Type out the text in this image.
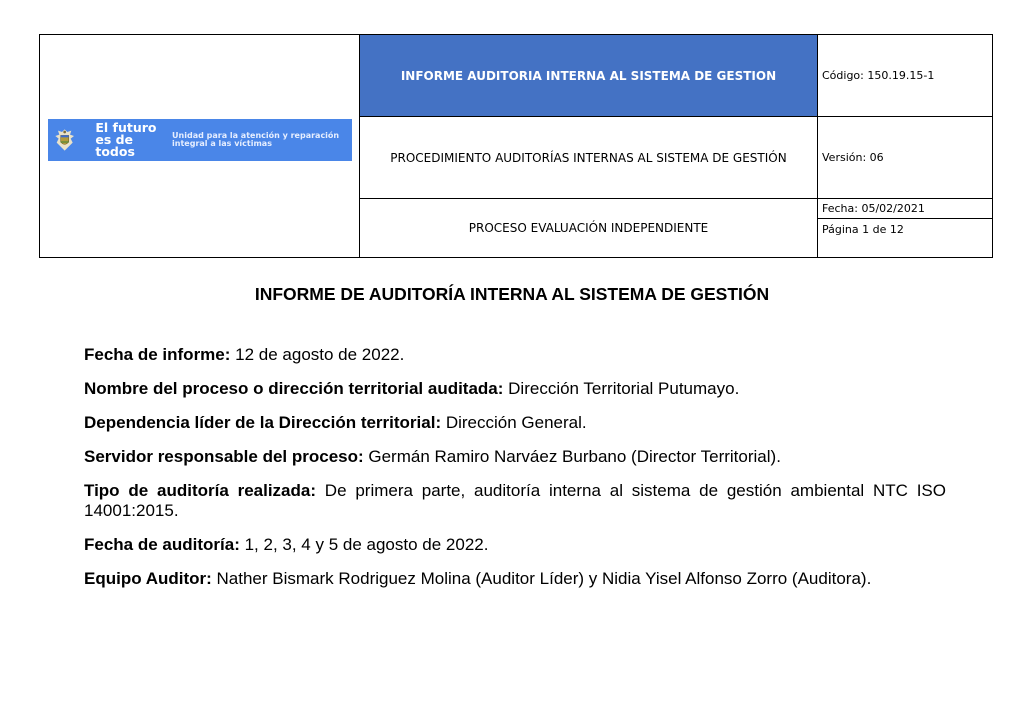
El futuro es de todos
Unidad para la atención y reparación integral a las víctimas
INFORME AUDITORIA INTERNA AL SISTEMA DE GESTION	Código: 150.19.15-1
PROCEDIMIENTO AUDITORÍAS INTERNAS AL SISTEMA DE GESTIÓN	Versión: 06
PROCESO EVALUACIÓN INDEPENDIENTE
Fecha: 05/02/2021
Página 1 de 12
INFORME DE AUDITORÍA INTERNA AL SISTEMA DE GESTIÓN

Fecha de informe: 12 de agosto de 2022.

Nombre del proceso o dirección territorial auditada: Dirección Territorial Putumayo.

Dependencia líder de la Dirección territorial: Dirección General.

Servidor responsable del proceso: Germán Ramiro Narváez Burbano (Director Territorial).

Tipo de auditoría realizada: De primera parte, auditoría interna al sistema de gestión ambiental NTC ISO 14001:2015.

Fecha de auditoría: 1, 2, 3, 4 y 5 de agosto de 2022.

Equipo Auditor: Nather Bismark Rodriguez Molina (Auditor Líder) y Nidia Yisel Alfonso Zorro (Auditora).
